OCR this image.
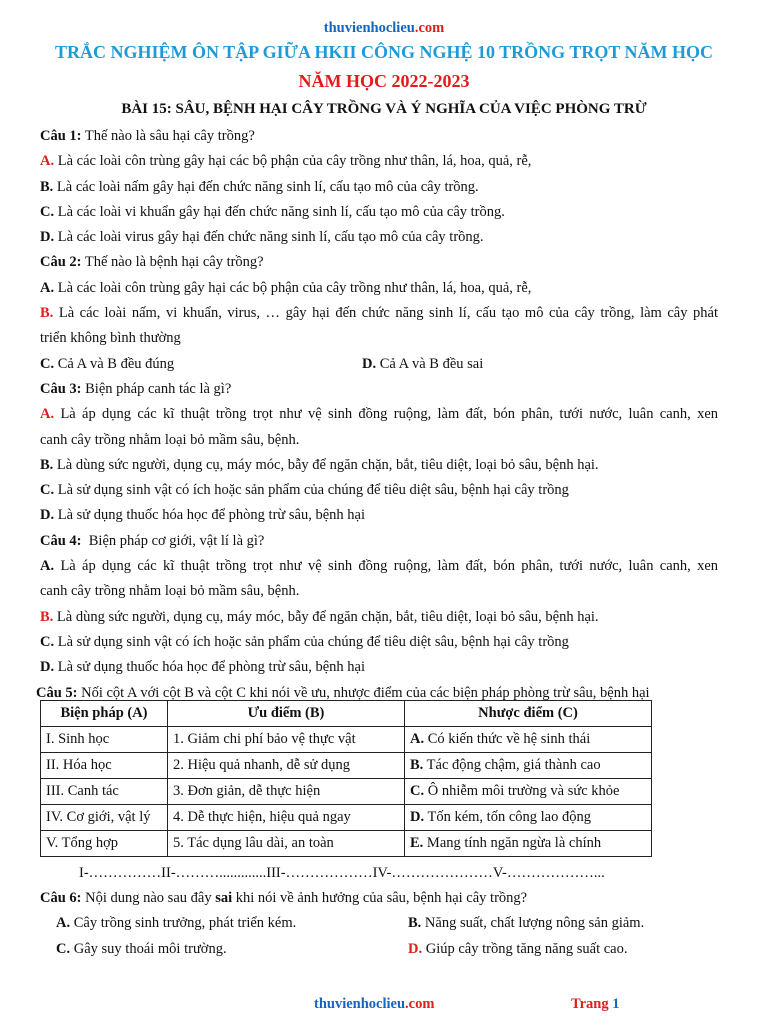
thuvienhoclieu.com
TRẮC NGHIỆM ÔN TẬP GIỮA HKII CÔNG NGHỆ 10 TRỒNG TRỌT NĂM HỌC
NĂM HỌC 2022-2023
BÀI 15: SÂU, BỆNH HẠI CÂY TRỒNG VÀ Ý NGHĨA CỦA VIỆC PHÒNG TRỪ
Câu 1: Thế nào là sâu hại cây trồng?
A. Là các loài côn trùng gây hại các bộ phận của cây trồng như thân, lá, hoa, quả, rễ,
B. Là các loài nấm gây hại đến chức năng sinh lí, cấu tạo mô của cây trồng.
C. Là các loài vi khuẩn gây hại đến chức năng sinh lí, cấu tạo mô của cây trồng.
D. Là các loài virus gây hại đến chức năng sinh lí, cấu tạo mô của cây trồng.
Câu 2: Thế nào là bệnh hại cây trồng?
A. Là các loài côn trùng gây hại các bộ phận của cây trồng như thân, lá, hoa, quả, rễ,
B. Là các loài nấm, vi khuẩn, virus, … gây hại đến chức năng sinh lí, cấu tạo mô của cây trồng, làm cây phát
triển không bình thường
C. Cả A và B đều đúng	D. Cả A và B đều sai
Câu 3: Biện pháp canh tác là gì?
A. Là áp dụng các kĩ thuật trồng trọt như vệ sinh đồng ruộng, làm đất, bón phân, tưới nước, luân canh, xen
canh cây trồng nhằm loại bỏ mầm sâu, bệnh.
B. Là dùng sức người, dụng cụ, máy móc, bẫy để ngăn chặn, bắt, tiêu diệt, loại bỏ sâu, bệnh hại.
C. Là sử dụng sinh vật có ích hoặc sản phẩm của chúng để tiêu diệt sâu, bệnh hại cây trồng
D. Là sử dụng thuốc hóa học để phòng trừ sâu, bệnh hại
Câu 4:  Biện pháp cơ giới, vật lí là gì?
A. Là áp dụng các kĩ thuật trồng trọt như vệ sinh đồng ruộng, làm đất, bón phân, tưới nước, luân canh, xen
canh cây trồng nhằm loại bỏ mầm sâu, bệnh.
B. Là dùng sức người, dụng cụ, máy móc, bẫy để ngăn chặn, bắt, tiêu diệt, loại bỏ sâu, bệnh hại.
C. Là sử dụng sinh vật có ích hoặc sản phẩm của chúng để tiêu diệt sâu, bệnh hại cây trồng
D. Là sử dụng thuốc hóa học để phòng trừ sâu, bệnh hại
Câu 5: Nối cột A với cột B và cột C khi nói về ưu, nhược điểm của các biện pháp phòng trừ sâu, bệnh hại
Biện pháp (A)	Ưu điểm (B)	Nhược điểm (C)
I. Sinh học	1. Giảm chi phí bảo vệ thực vật	A. Có kiến thức về hệ sinh thái
II. Hóa học	2. Hiệu quả nhanh, dễ sử dụng	B. Tác động chậm, giá thành cao
III. Canh tác	3. Đơn giản, dễ thực hiện	C. Ô nhiễm môi trường và sức khỏe
IV. Cơ giới, vật lý	4. Dễ thực hiện, hiệu quả ngay	D. Tốn kém, tốn công lao động
V. Tổng hợp	5. Tác dụng lâu dài, an toàn	E. Mang tính ngăn ngừa là chính
I-……………II-……….............III-………………IV-…………………V-………………...
Câu 6: Nội dung nào sau đây sai khi nói về ảnh hưởng của sâu, bệnh hại cây trồng?
A. Cây trồng sinh trưởng, phát triển kém.	B. Năng suất, chất lượng nông sản giảm.
C. Gây suy thoái môi trường.	D. Giúp cây trồng tăng năng suất cao.
thuvienhoclieu.com	Trang 1
